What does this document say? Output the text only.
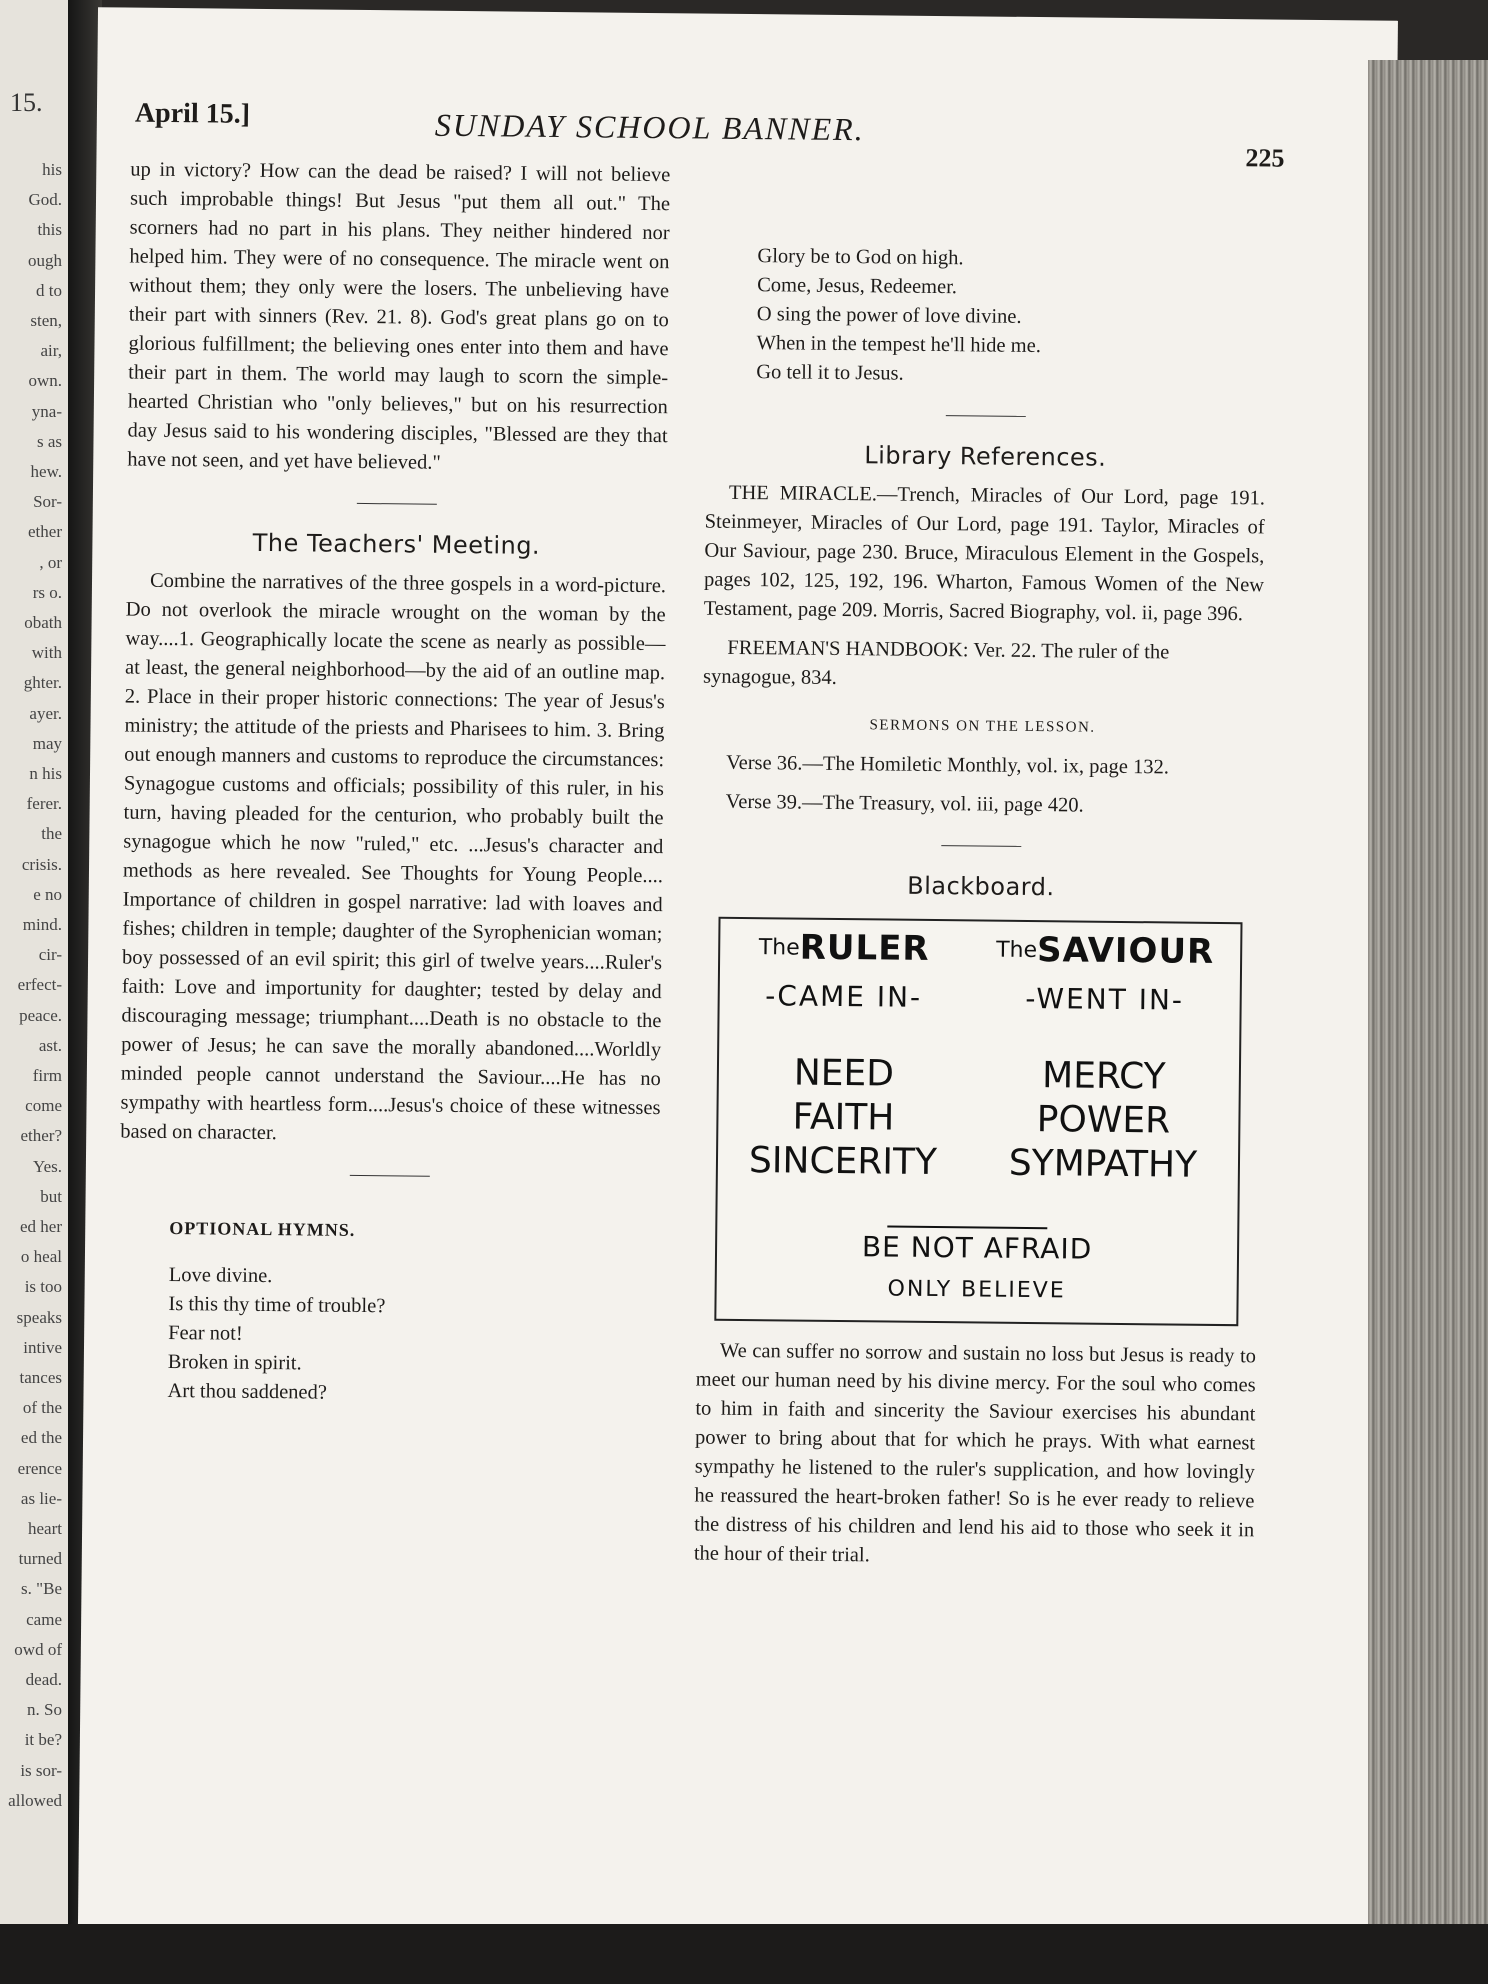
15.
his
God.
this
ough
d to
sten,
air,
own.
yna-
s as
hew.
Sor-
ether
, or
rs o.
obath
with
ghter.
ayer.
may
n his
ferer.
the
crisis.
e no
mind.
cir-
erfect-
peace.
ast.
firm
come
ether?
Yes.
but
ed her
o heal
is too
speaks
intive
tances
of the
ed the
erence
as lie-
heart
turned
s. "Be
came
owd of
dead.
n. So
it be?
is sor-
allowed
April 15.]	SUNDAY SCHOOL BANNER.
225

up in victory? How can the dead be raised? I will not believe such improbable things! But Jesus "put them all out." The scorners had no part in his plans. They neither hindered nor helped him. They were of no consequence. The miracle went on without them; they only were the losers. The unbelieving have their part with sinners (Rev. 21. 8). God's great plans go on to glorious fulfillment; the believing ones enter into them and have their part in them. The world may laugh to scorn the simple-hearted Christian who "only believes," but on his resurrection day Jesus said to his wondering disciples, "Blessed are they that have not seen, and yet have believed."

The Teachers' Meeting.

Combine the narratives of the three gospels in a word-picture. Do not overlook the miracle wrought on the woman by the way....1. Geographically locate the scene as nearly as possible—at least, the general neighborhood—by the aid of an outline map. 2. Place in their proper historic connections: The year of Jesus's ministry; the attitude of the priests and Pharisees to him. 3. Bring out enough manners and customs to reproduce the circumstances: Synagogue customs and officials; possibility of this ruler, in his turn, having pleaded for the centurion, who probably built the synagogue which he now "ruled," etc. ...Jesus's character and methods as here revealed. See Thoughts for Young People.... Importance of children in gospel narrative: lad with loaves and fishes; children in temple; daughter of the Syrophenician woman; boy possessed of an evil spirit; this girl of twelve years....Ruler's faith: Love and importunity for daughter; tested by delay and discouraging message; triumphant....Death is no obstacle to the power of Jesus; he can save the morally abandoned....Worldly minded people cannot understand the Saviour....He has no sympathy with heartless form....Jesus's choice of these witnesses based on character.

OPTIONAL HYMNS.
Love divine.
Is this thy time of trouble?
Fear not!
Broken in spirit.
Art thou saddened?
Glory be to God on high.
Come, Jesus, Redeemer.
O sing the power of love divine.
When in the tempest he'll hide me.
Go tell it to Jesus.
Library References.

THE MIRACLE.—Trench, Miracles of Our Lord, page 191. Steinmeyer, Miracles of Our Lord, page 191. Taylor, Miracles of Our Saviour, page 230. Bruce, Miraculous Element in the Gospels, pages 102, 125, 192, 196. Wharton, Famous Women of the New Testament, page 209. Morris, Sacred Biography, vol. ii, page 396.

FREEMAN'S HANDBOOK: Ver. 22. The ruler of the synagogue, 834.

SERMONS ON THE LESSON.

Verse 36.—The Homiletic Monthly, vol. ix, page 132.

Verse 39.—The Treasury, vol. iii, page 420.

Blackboard.
TheRULER
-CAME IN-
TheSAVIOUR
-WENT IN-
NEED
FAITH
SINCERITY
MERCY
POWER
SYMPATHY
BE NOT AFRAID
ONLY BELIEVE

We can suffer no sorrow and sustain no loss but Jesus is ready to meet our human need by his divine mercy. For the soul who comes to him in faith and sincerity the Saviour exercises his abundant power to bring about that for which he prays. With what earnest sympathy he listened to the ruler's supplication, and how lovingly he reassured the heart-broken father! So is he ever ready to relieve the distress of his children and lend his aid to those who seek it in the hour of their trial.
